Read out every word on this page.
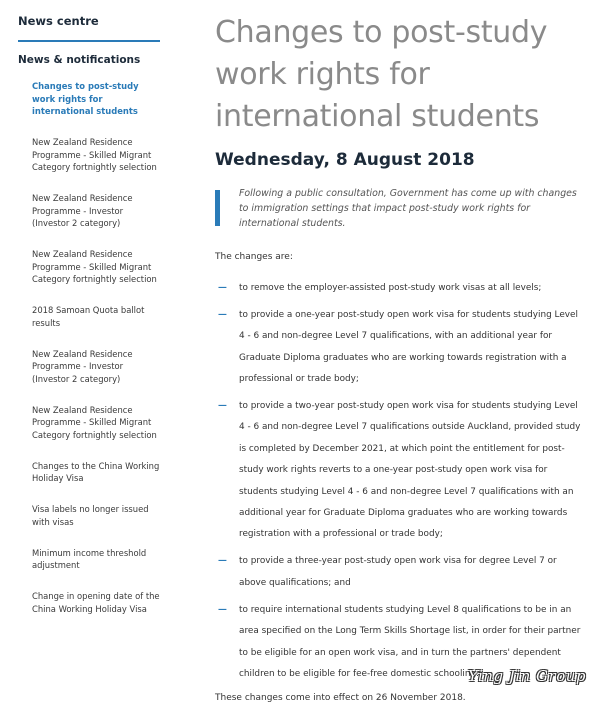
News centre
News & notifications
Changes to post-study work rights for international students
New Zealand Residence Programme - Skilled Migrant Category fortnightly selection
New Zealand Residence Programme - Investor (Investor 2 category)
New Zealand Residence Programme - Skilled Migrant Category fortnightly selection
2018 Samoan Quota ballot results
New Zealand Residence Programme - Investor (Investor 2 category)
New Zealand Residence Programme - Skilled Migrant Category fortnightly selection
Changes to the China Working Holiday Visa
Visa labels no longer issued with visas
Minimum income threshold adjustment
Change in opening date of the China Working Holiday Visa
Changes to post-study work rights for international students
Wednesday, 8 August 2018
Following a public consultation, Government has come up with changes to immigration settings that impact post-study work rights for international students.
The changes are:
— to remove the employer-assisted post-study work visas at all levels;
— to provide a one-year post-study open work visa for students studying Level 4 - 6 and non-degree Level 7 qualifications, with an additional year for Graduate Diploma graduates who are working towards registration with a professional or trade body;
— to provide a two-year post-study open work visa for students studying Level 4 - 6 and non-degree Level 7 qualifications outside Auckland, provided study is completed by December 2021, at which point the entitlement for post-study work rights reverts to a one-year post-study open work visa for students studying Level 4 - 6 and non-degree Level 7 qualifications with an additional year for Graduate Diploma graduates who are working towards registration with a professional or trade body;
— to provide a three-year post-study open work visa for degree Level 7 or above qualifications; and
— to require international students studying Level 8 qualifications to be in an area specified on the Long Term Skills Shortage list, in order for their partner to be eligible for an open work visa, and in turn the partners' dependent children to be eligible for fee-free domestic schooling.
These changes come into effect on 26 November 2018.
Ying Jin Group
